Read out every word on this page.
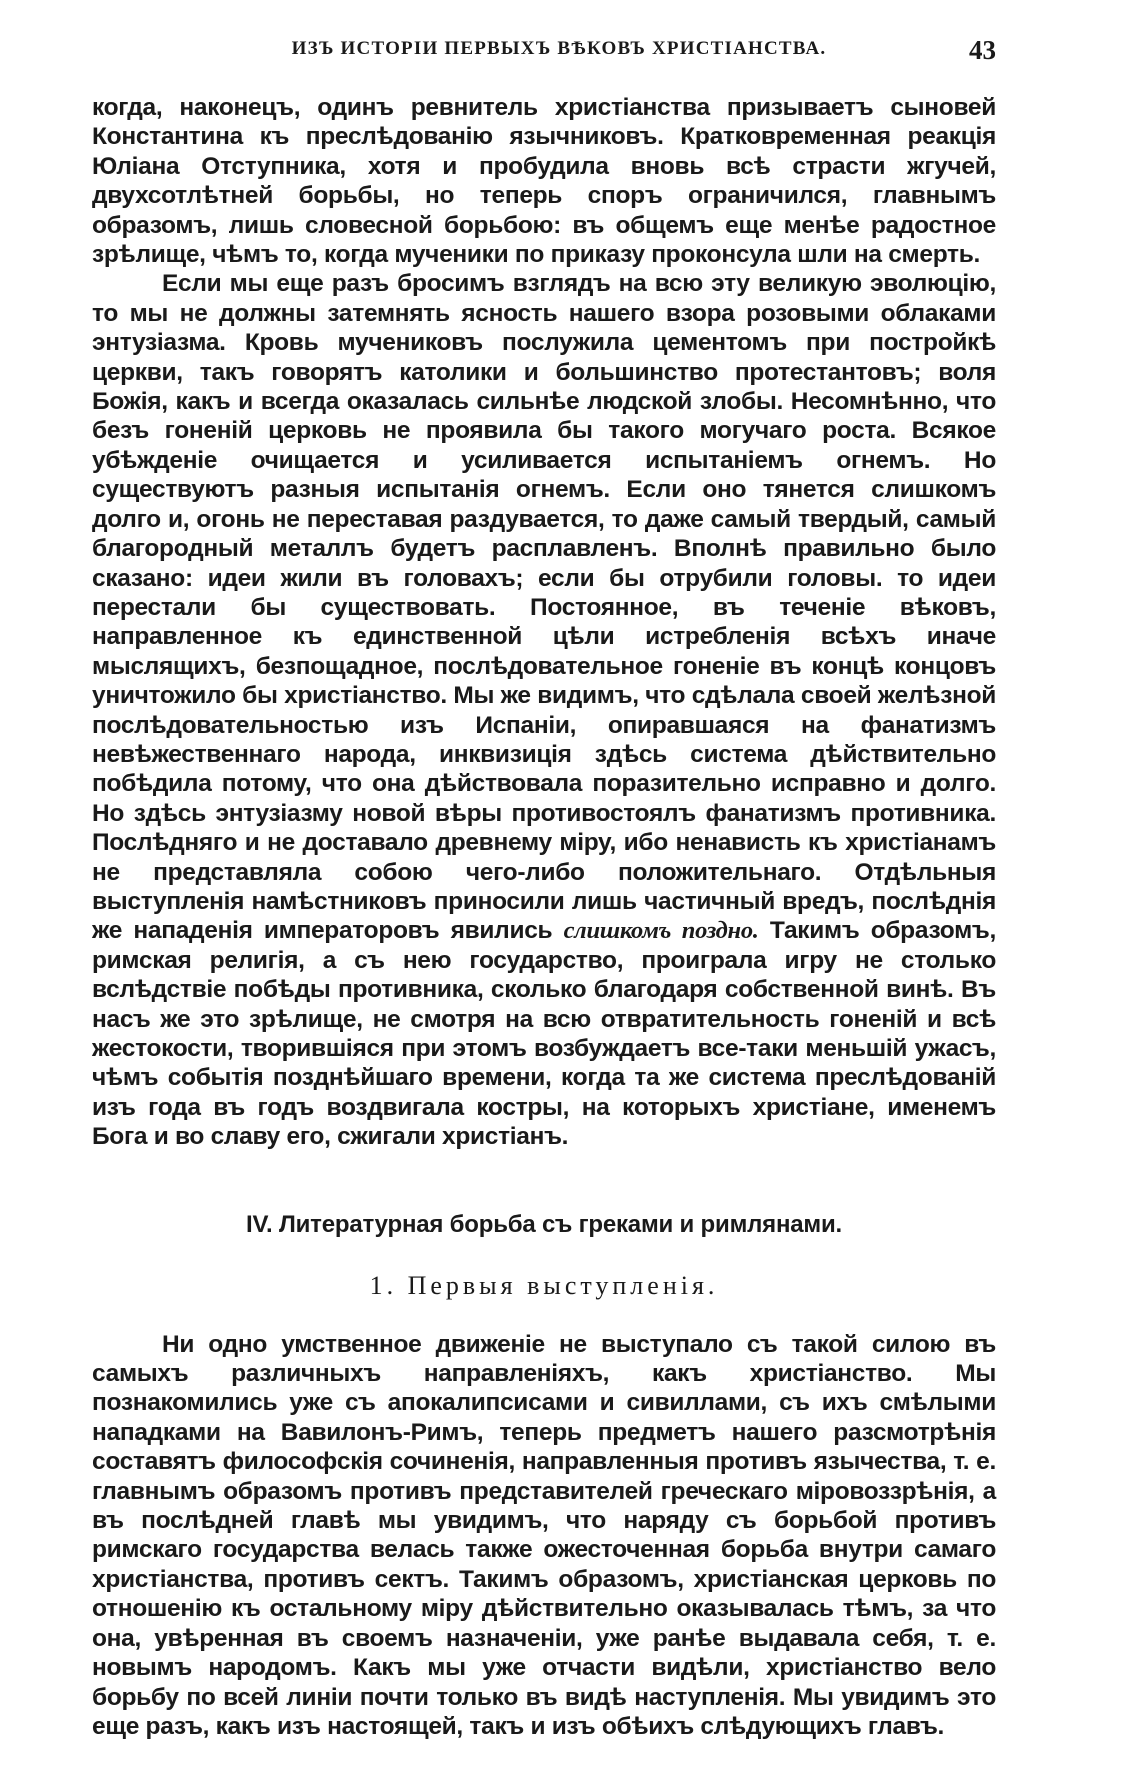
ИЗЪ ИСТОРІИ ПЕРВЫХЪ ВѢКОВЪ ХРИСТІАНСТВА.	43

когда, наконецъ, одинъ ревнитель христіанства призываетъ сыновей Константина къ преслѣдованію язычниковъ. Кратковременная реакція Юліана Отступника, хотя и пробудила вновь всѣ страсти жгучей, двухсотлѣтней борьбы, но теперь споръ ограничился, главнымъ образомъ, лишь словесной борьбою: въ общемъ еще менѣе радостное зрѣлище, чѣмъ то, когда мученики по приказу проконсула шли на смерть.

Если мы еще разъ бросимъ взглядъ на всю эту великую эволюцію, то мы не должны затемнять ясность нашего взора розовыми облаками энтузіазма. Кровь мучениковъ послужила цементомъ при постройкѣ церкви, такъ говорятъ католики и большинство протестантовъ; воля Божія, какъ и всегда оказалась сильнѣе людской злобы. Несомнѣнно, что безъ гоненій церковь не проявила бы такого могучаго роста. Всякое убѣжденіе очищается и усиливается испытаніемъ огнемъ. Но существуютъ разныя испытанія огнемъ. Если оно тянется слишкомъ долго и, огонь не переставая раздувается, то даже самый твердый, самый благородный металлъ будетъ расплавленъ. Вполнѣ правильно было сказано: идеи жили въ головахъ; если бы отрубили головы. то идеи перестали бы существовать. Постоянное, въ теченіе вѣковъ, направленное къ единственной цѣли истребленія всѣхъ иначе мыслящихъ, безпощадное, послѣдовательное гоненіе въ концѣ концовъ уничтожило бы христіанство. Мы же видимъ, что сдѣлала своей желѣзной послѣдовательностью изъ Испаніи, опиравшаяся на фанатизмъ невѣжественнаго народа, инквизиція здѣсь система дѣйствительно побѣдила потому, что она дѣйствовала поразительно исправно и долго. Но здѣсь энтузіазму новой вѣры противостоялъ фанатизмъ противника. Послѣдняго и не доставало древнему міру, ибо ненависть къ христіанамъ не представляла собою чего-либо положительнаго. Отдѣльныя выступленія намѣстниковъ приносили лишь частичный вредъ, послѣднія же нападенія императоровъ явились слишкомъ поздно. Такимъ образомъ, римская религія, а съ нею государство, проиграла игру не столько вслѣдствіе побѣды противника, сколько благодаря собственной винѣ. Въ насъ же это зрѣлище, не смотря на всю отвратительность гоненій и всѣ жестокости, творившіяся при этомъ возбуждаетъ все-таки меньшій ужасъ, чѣмъ событія позднѣйшаго времени, когда та же система преслѣдованій изъ года въ годъ воздвигала костры, на которыхъ христіане, именемъ Бога и во славу его, сжигали христіанъ.

IV. Литературная борьба съ греками и римлянами.
1. Первыя выступленія.

Ни одно умственное движеніе не выступало съ такой силою въ самыхъ различныхъ направленіяхъ, какъ христіанство. Мы познакомились уже съ апокалипсисами и сивиллами, съ ихъ смѣлыми нападками на Вавилонъ-Римъ, теперь предметъ нашего разсмотрѣнія составятъ философскія сочиненія, направленныя противъ язычества, т. е. главнымъ образомъ противъ представителей греческаго міровоззрѣнія, а въ послѣдней главѣ мы увидимъ, что наряду съ борьбой противъ римскаго государства велась также ожесточенная борьба внутри самаго христіанства, противъ сектъ. Такимъ образомъ, христіанская церковь по отношенію къ остальному міру дѣйствительно оказывалась тѣмъ, за что она, увѣренная въ своемъ назначеніи, уже ранѣе выдавала себя, т. е. новымъ народомъ. Какъ мы уже отчасти видѣли, христіанство вело борьбу по всей линіи почти только въ видѣ наступленія. Мы увидимъ это еще разъ, какъ изъ настоящей, такъ и изъ обѣихъ слѣдующихъ главъ.
